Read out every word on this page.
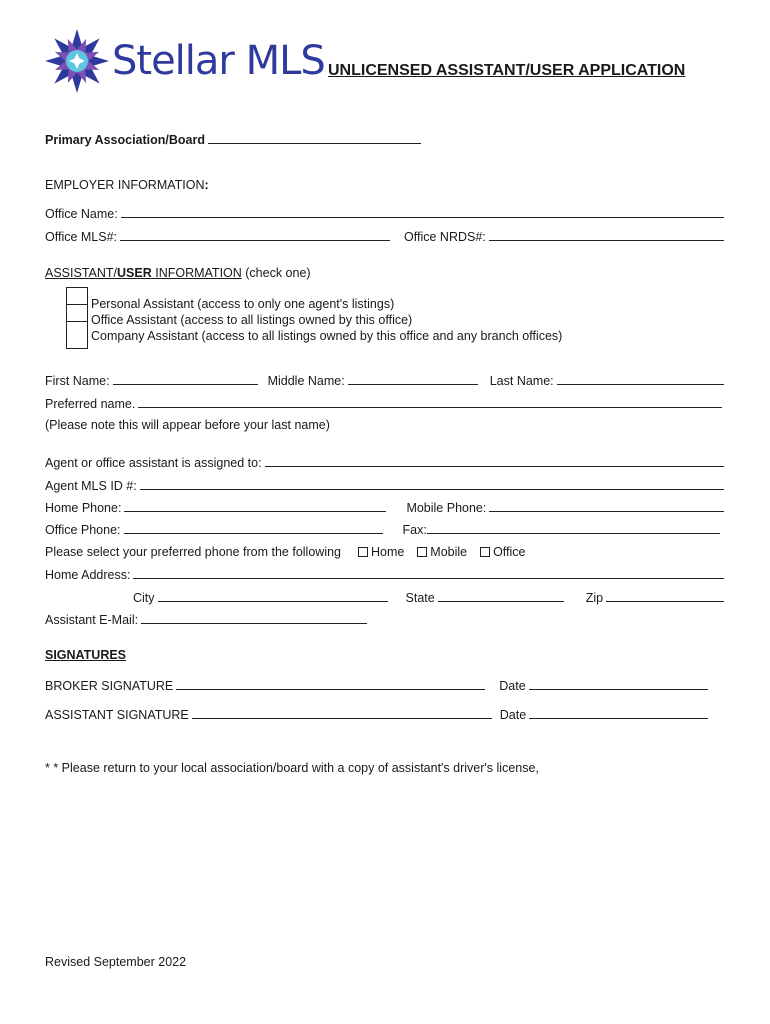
Stellar MLS UNLICENSED ASSISTANT/USER APPLICATION
Primary Association/Board
EMPLOYER INFORMATION:
Office Name:
Office MLS#:	Office NRDS#:
ASSISTANT/USER INFORMATION (check one)
Personal Assistant (access to only one agent's listings)
Office Assistant (access to all listings owned by this office)
Company Assistant (access to all listings owned by this office and any branch offices)
First Name:	Middle Name:	Last Name:
Preferred name.
(Please note this will appear before your last name)
Agent or office assistant is assigned to:
Agent MLS ID #:
Home Phone:	Mobile Phone:
Office Phone:	Fax:
Please select your preferred phone from the following Home Mobile Office
Home Address:
City	State	Zip
Assistant E-Mail:
SIGNATURES
BROKER SIGNATURE	Date
ASSISTANT SIGNATURE	Date
* * Please return to your local association/board with a copy of assistant's driver's license,
Revised September 2022
